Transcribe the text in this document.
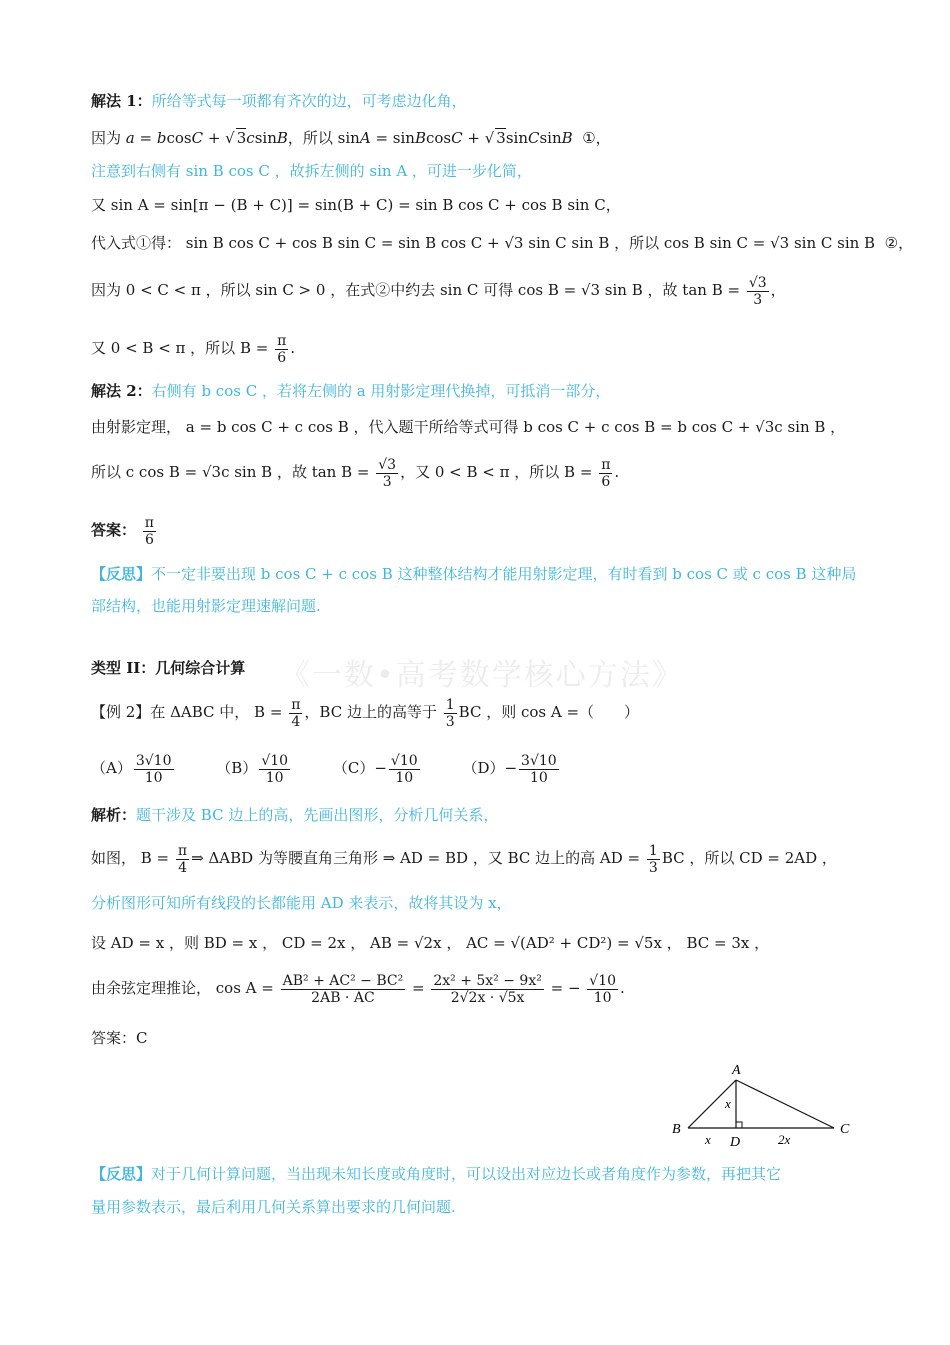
解法 1：所给等式每一项都有齐次的边，可考虑边化角，
因为 a = bcosC + √ 3csinB，所以 sinA = sinBcosC + √ 3sinCsinB ①，
注意到右侧有 sin B cos C ，故拆左侧的 sin A ，可进一步化简，
又 sin A = sin[π − (B + C)] = sin(B + C) = sin B cos C + cos B sin C，
代入式①得： sin B cos C + cos B sin C = sin B cos C + √3 sin C sin B ，所以 cos B sin C = √3 sin C sin B ②，
因为 0 < C < π ，所以 sin C > 0 ，在式②中约去 sin C 可得 cos B = √3 sin B ，故 $\tan B = \frac{√3}{3}$ ，
又 0 < B < π ，所以 $B = \frac{\pi}{6}$ .
解法 2：右侧有 b cos C ，若将左侧的 a 用射影定理代换掉，可抵消一部分，
由射影定理， a = b cos C + c cos B ，代入题干所给等式可得 b cos C + c cos B = b cos C + √3c sin B ，
所以 c cos B = √3c sin B ，故 $\tan B = \frac{√3}{3}$ ，又 0 < B < π ，所以 $B = \frac{\pi}{6}$ .
答案： $\frac{\pi}{6}$
【反思】不一定非要出现 b cos C + c cos B 这种整体结构才能用射影定理，有时看到 b cos C 或 c cos B 这种局
部结构，也能用射影定理速解问题.
《一数•高考数学核心方法》
类型 II：几何综合计算
【例 2】在 ΔABC 中， $B = \frac{\pi}{4}$ ，BC 边上的高等于 $\frac{1}{3}$ BC ，则 cos A =（　　）
$(A) \frac{3√10}{10}$	$(B) \frac{√10}{10}$	$(C)- \frac{√10}{10}$	$(D)- \frac{3√10}{10}$
解析：题干涉及 BC 边上的高，先画出图形，分析几何关系，
如图， $B = \frac{\pi}{4}$ ⇒ ΔABD 为等腰直角三角形 ⇒ AD = BD ，又 BC 边上的高 AD = $\frac{1}{3}$ BC ，所以 CD = 2AD ，
分析图形可知所有线段的长都能用 AD 来表示，故将其设为 x，
设 AD = x ，则 BD = x ， CD = 2x ， AB = √2x ， AC = √(AD² + CD²) = √5x ， BC = 3x ，
由余弦定理推论， $\cos A = \frac{\text{AB² + AC² − BC²}}{2AB \cdot AC} = \frac{\text{2x² + 5x² − 9x²}}{2√2x \cdot √5x}$ = − $\frac{√10}{10}$ .
答案：C
A
B	C
D
x
x	2x
【反思】对于几何计算问题，当出现未知长度或角度时，可以设出对应边长或者角度作为参数，再把其它
量用参数表示，最后利用几何关系算出要求的几何问题.
